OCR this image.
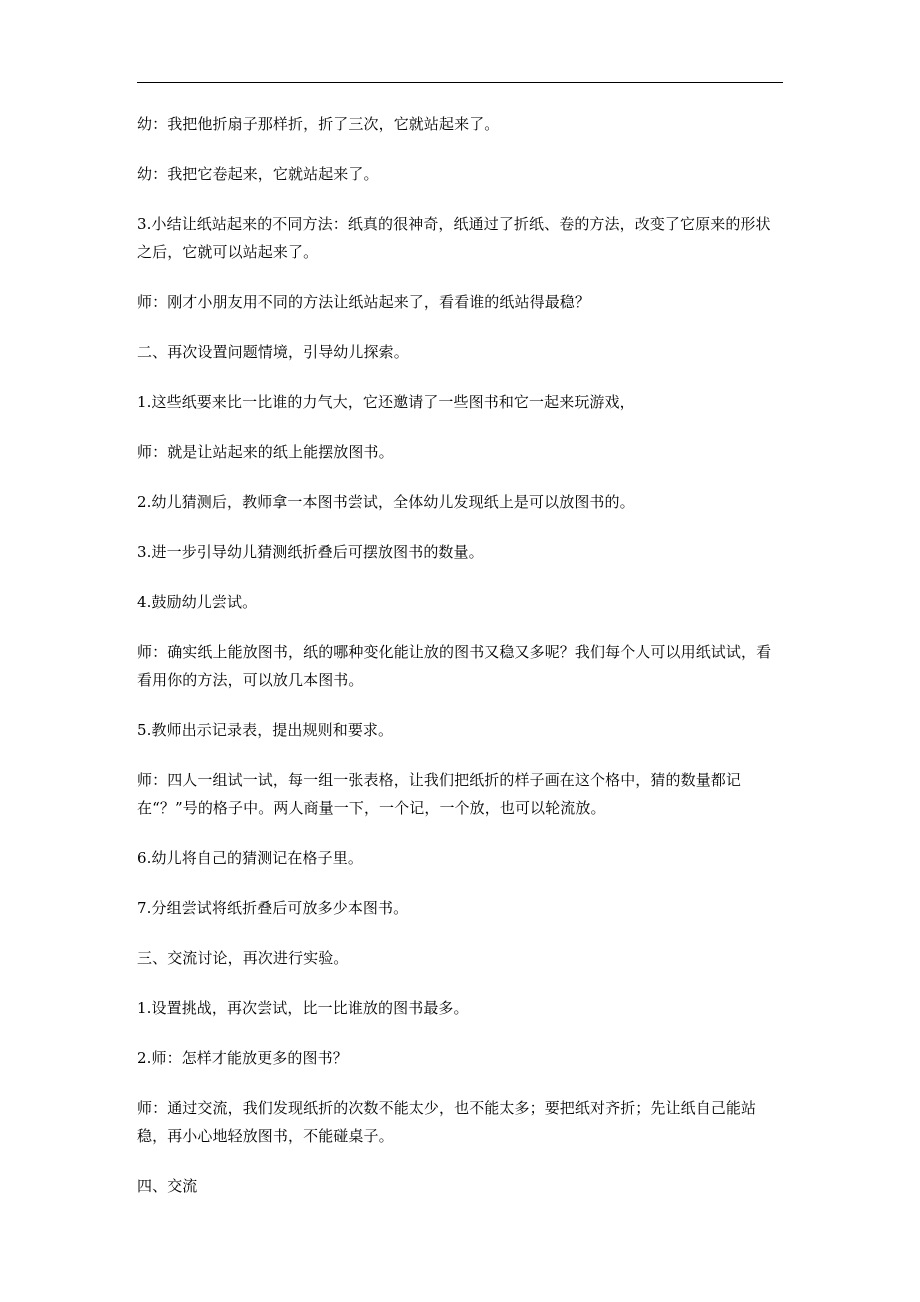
幼：我把他折扇子那样折，折了三次，它就站起来了。

幼：我把它卷起来，它就站起来了。

3.小结让纸站起来的不同方法：纸真的很神奇，纸通过了折纸、卷的方法，改变了它原来的形状之后，它就可以站起来了。

师：刚才小朋友用不同的方法让纸站起来了，看看谁的纸站得最稳？

二、再次设置问题情境，引导幼儿探索。

1.这些纸要来比一比谁的力气大，它还邀请了一些图书和它一起来玩游戏，

师：就是让站起来的纸上能摆放图书。

2.幼儿猜测后，教师拿一本图书尝试，全体幼儿发现纸上是可以放图书的。

3.进一步引导幼儿猜测纸折叠后可摆放图书的数量。

4.鼓励幼儿尝试。

师：确实纸上能放图书，纸的哪种变化能让放的图书又稳又多呢？我们每个人可以用纸试试，看看用你的方法，可以放几本图书。

5.教师出示记录表，提出规则和要求。

师：四人一组试一试，每一组一张表格，让我们把纸折的样子画在这个格中，猜的数量都记在“？”号的格子中。两人商量一下，一个记，一个放，也可以轮流放。

6.幼儿将自己的猜测记在格子里。

7.分组尝试将纸折叠后可放多少本图书。

三、交流讨论，再次进行实验。

1.设置挑战，再次尝试，比一比谁放的图书最多。

2.师：怎样才能放更多的图书？

师：通过交流，我们发现纸折的次数不能太少，也不能太多；要把纸对齐折；先让纸自己能站稳，再小心地轻放图书，不能碰桌子。

四、交流
